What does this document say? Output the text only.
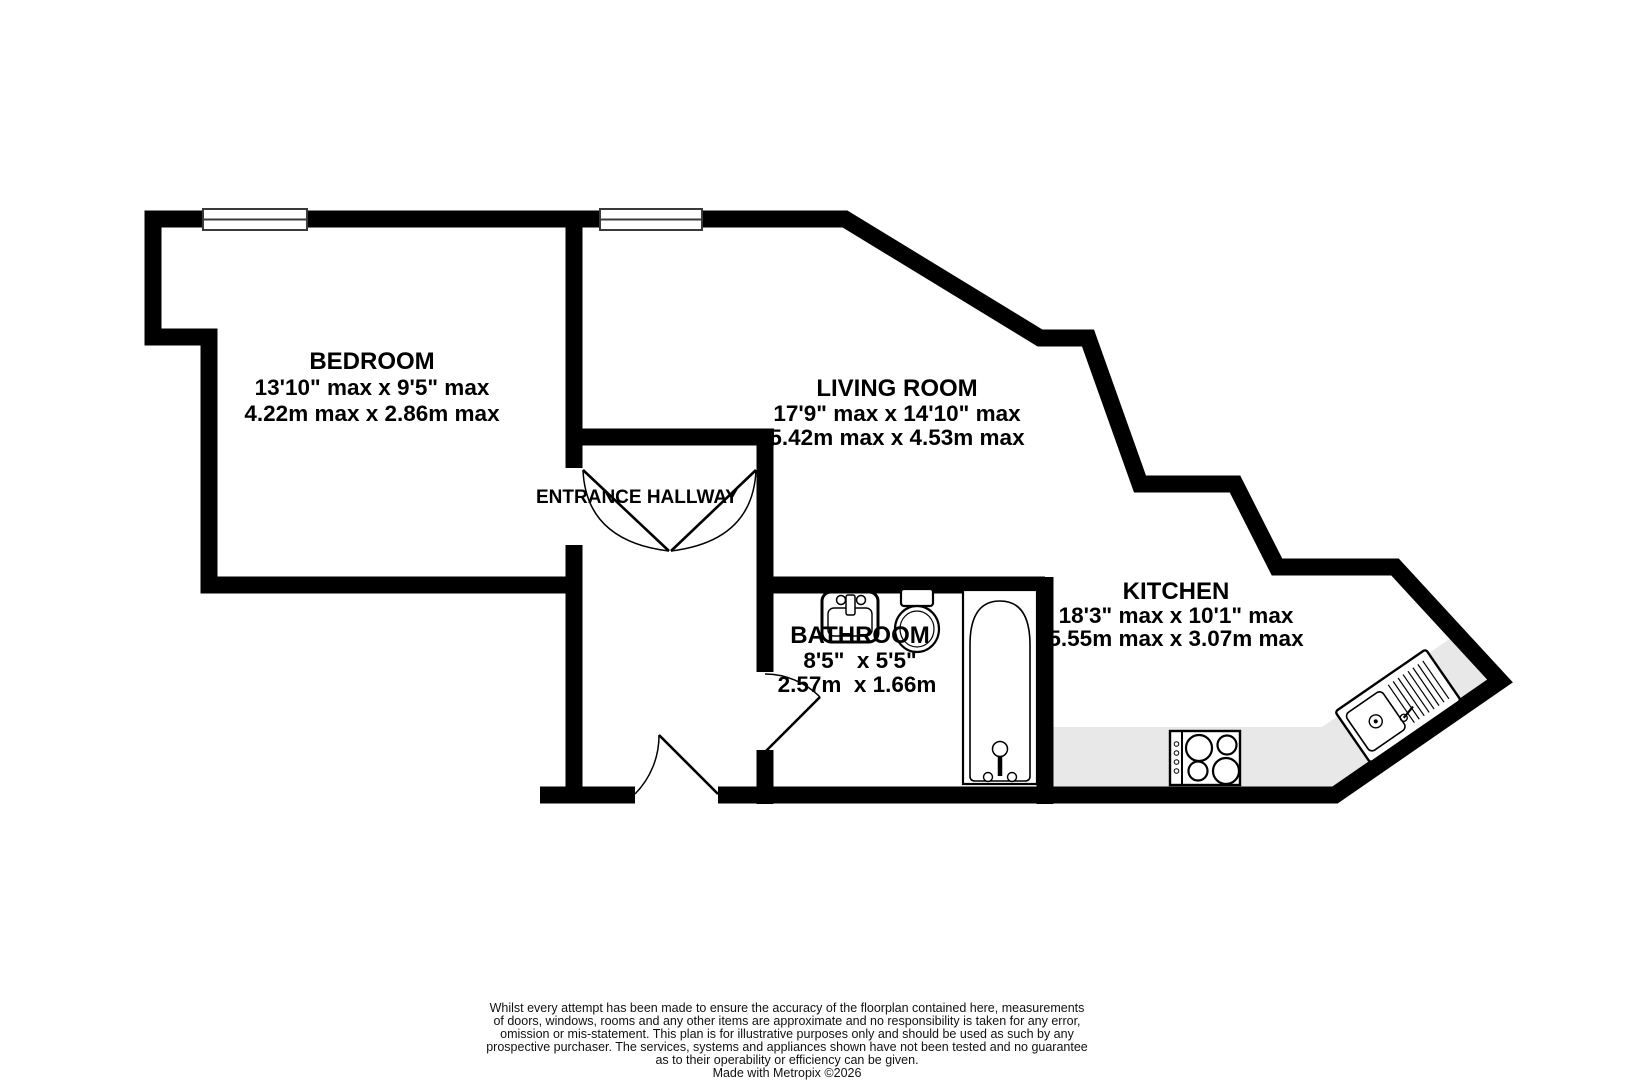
BEDROOM
13'10" max x 9'5" max
4.22m max x 2.86m max
LIVING ROOM
17'9" max x 14'10" max
5.42m max x 4.53m max
ENTRANCE HALLWAY
BATHROOM
8'5"  x 5'5"
2.57m  x 1.66m
KITCHEN
18'3" max x 10'1" max
5.55m max x 3.07m max
Whilst every attempt has been made to ensure the accuracy of the floorplan contained here, measurements
of doors, windows, rooms and any other items are approximate and no responsibility is taken for any error,
omission or mis-statement. This plan is for illustrative purposes only and should be used as such by any
prospective purchaser. The services, systems and appliances shown have not been tested and no guarantee
as to their operability or efficiency can be given.
Made with Metropix ©2026
